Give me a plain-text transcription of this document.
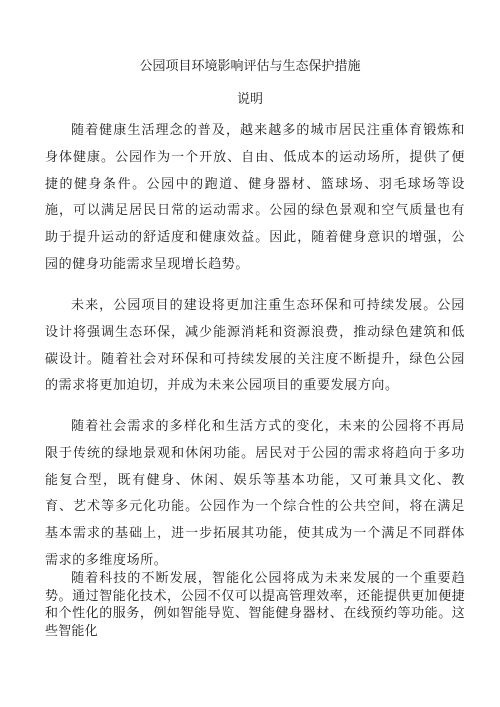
公园项目环境影响评估与生态保护措施
说明

随着健康生活理念的普及，越来越多的城市居民注重体育锻炼和身体健康。公园作为一个开放、自由、低成本的运动场所，提供了便捷的健身条件。公园中的跑道、健身器材、篮球场、羽毛球场等设施，可以满足居民日常的运动需求。公园的绿色景观和空气质量也有助于提升运动的舒适度和健康效益。因此，随着健身意识的增强，公园的健身功能需求呈现增长趋势。

未来，公园项目的建设将更加注重生态环保和可持续发展。公园设计将强调生态环保，减少能源消耗和资源浪费，推动绿色建筑和低碳设计。随着社会对环保和可持续发展的关注度不断提升，绿色公园的需求将更加迫切，并成为未来公园项目的重要发展方向。

随着社会需求的多样化和生活方式的变化，未来的公园将不再局限于传统的绿地景观和休闲功能。居民对于公园的需求将趋向于多功能复合型，既有健身、休闲、娱乐等基本功能，又可兼具文化、教育、艺术等多元化功能。公园作为一个综合性的公共空间，将在满足基本需求的基础上，进一步拓展其功能，使其成为一个满足不同群体需求的多维度场所。

随着科技的不断发展，智能化公园将成为未来发展的一个重要趋势。通过智能化技术，公园不仅可以提高管理效率，还能提供更加便捷和个性化的服务，例如智能导览、智能健身器材、在线预约等功能。这些智能化
